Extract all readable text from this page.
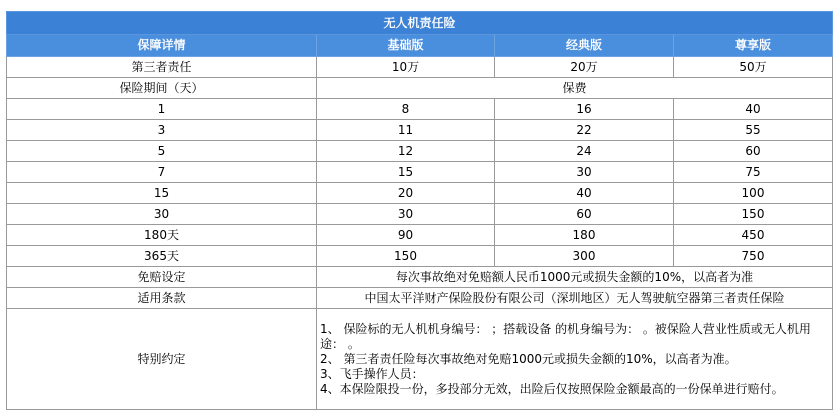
无人机责任险			
保障详情	基础版	经典版	尊享版
第三者责任	10万	20万	50万
保险期间（天）	保费		
1	8	16	40
3	11	22	55
5	12	24	60
7	15	30	75
15	20	40	100
30	30	60	150
180天	90	180	450
365天	150	300	750
免赔设定	每次事故绝对免赔额人民币1000元或损失金额的10%，以高者为准		
适用条款	中国太平洋财产保险股份有限公司（深圳地区）无人驾驶航空器第三者责任保险		
特别约定	1、 保险标的无人机机身编号： ；搭载设备 的机身编号为： 。被保险人营业性质或无人机用途： 。
2、 第三者责任险每次事故绝对免赔1000元或损失金额的10%，以高者为准。
3、飞手操作人员：
4、本保险限投一份，多投部分无效，出险后仅按照保险金额最高的一份保单进行赔付。		
